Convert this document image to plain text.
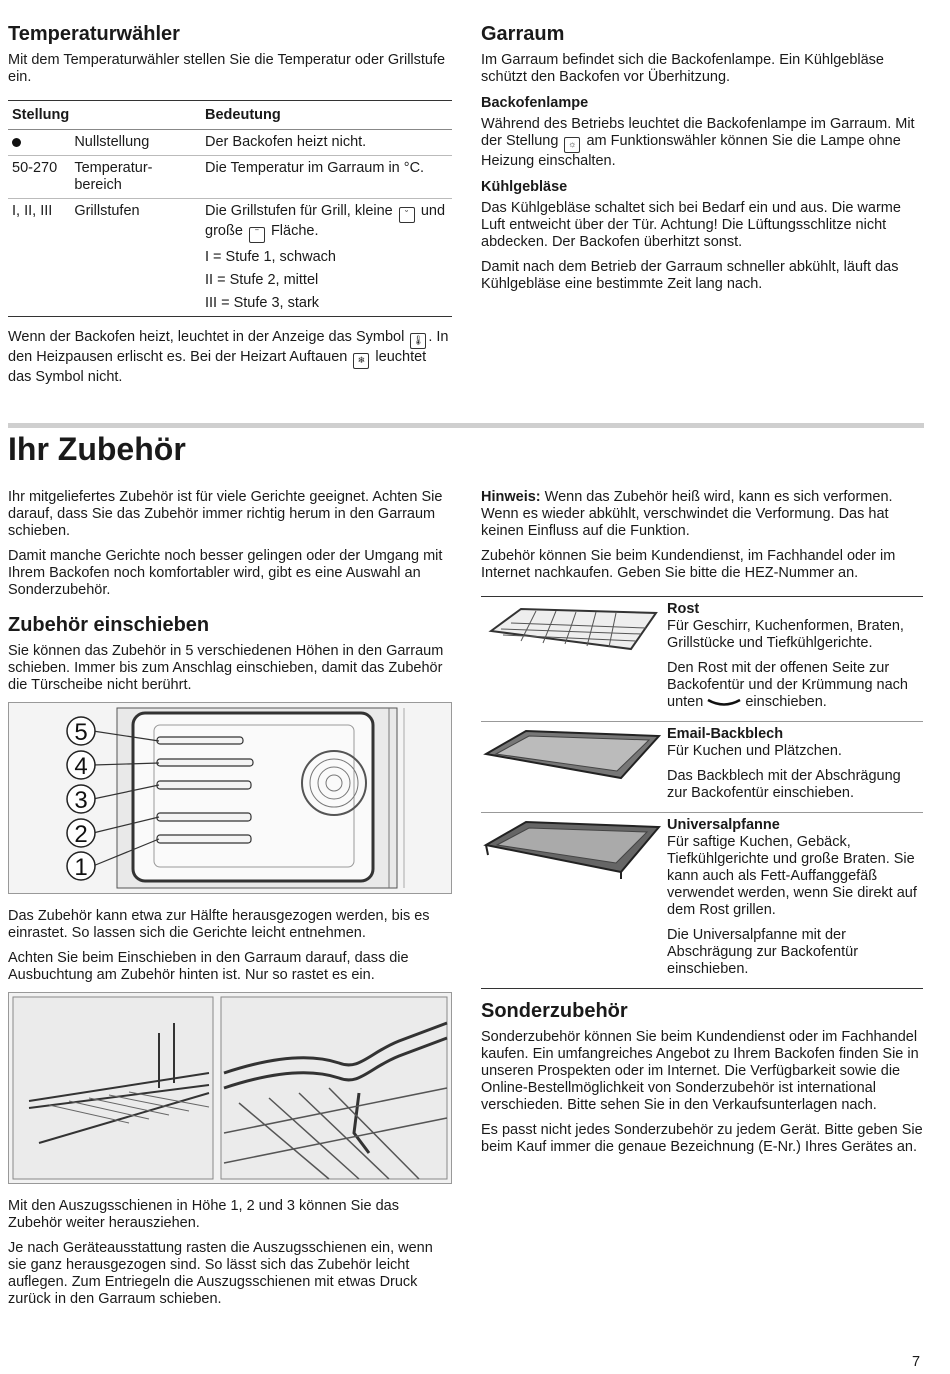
Temperaturwähler

Mit dem Temperaturwähler stellen Sie die Temperatur oder Grillstufe ein.

Stellung		Bedeutung
	Nullstellung	Der Backofen heizt nicht.
50-270	Temperatur-bereich	Die Temperatur im Garraum in °C.
I, II, III	Grillstufen	Die Grillstufen für Grill, kleine ˘ und große ‾ Fläche.
I = Stufe 1, schwach
II = Stufe 2, mittel
III = Stufe 3, stark

Wenn der Backofen heizt, leuchtet in der Anzeige das Symbol 🌡 . In den Heizpausen erlischt es. Bei der Heizart Auftauen ❄ leuchtet das Symbol nicht.

Garraum

Im Garraum befindet sich die Backofenlampe. Ein Kühlgebläse schützt den Backofen vor Überhitzung.

Backofenlampe

Während des Betriebs leuchtet die Backofenlampe im Garraum. Mit der Stellung ☼ am Funktionswähler können Sie die Lampe ohne Heizung einschalten.

Kühlgebläse

Das Kühlgebläse schaltet sich bei Bedarf ein und aus. Die warme Luft entweicht über der Tür. Achtung! Die Lüftungsschlitze nicht abdecken. Der Backofen überhitzt sonst.

Damit nach dem Betrieb der Garraum schneller abkühlt, läuft das Kühlgebläse eine bestimmte Zeit lang nach.

Ihr Zubehör

Ihr mitgeliefertes Zubehör ist für viele Gerichte geeignet. Achten Sie darauf, dass Sie das Zubehör immer richtig herum in den Garraum schieben.

Damit manche Gerichte noch besser gelingen oder der Umgang mit Ihrem Backofen noch komfortabler wird, gibt es eine Auswahl an Sonderzubehör.

Zubehör einschieben

Sie können das Zubehör in 5 verschiedenen Höhen in den Garraum schieben. Immer bis zum Anschlag einschieben, damit das Zubehör die Türscheibe nicht berührt.

5
4
3
2
1

Das Zubehör kann etwa zur Hälfte herausgezogen werden, bis es einrastet. So lassen sich die Gerichte leicht entnehmen.

Achten Sie beim Einschieben in den Garraum darauf, dass die Ausbuchtung am Zubehör hinten ist. Nur so rastet es ein.

Mit den Auszugsschienen in Höhe 1, 2 und 3 können Sie das Zubehör weiter herausziehen.

Je nach Geräteausstattung rasten die Auszugsschienen ein, wenn sie ganz herausgezogen sind. So lässt sich das Zubehör leicht auflegen. Zum Entriegeln die Auszugsschienen mit etwas Druck zurück in den Garraum schieben.

Hinweis: Wenn das Zubehör heiß wird, kann es sich verformen. Wenn es wieder abkühlt, verschwindet die Verformung. Das hat keinen Einfluss auf die Funktion.

Zubehör können Sie beim Kundendienst, im Fachhandel oder im Internet nachkaufen. Geben Sie bitte die HEZ-Nummer an.

Rost

Für Geschirr, Kuchenformen, Braten, Grillstücke und Tiefkühlgerichte.

Den Rost mit der offenen Seite zur Backofentür und der Krümmung nach unten	einschieben.

Email-Backblech

Für Kuchen und Plätzchen.

Das Backblech mit der Abschrägung zur Backofentür einschieben.

Universalpfanne

Für saftige Kuchen, Gebäck, Tiefkühlgerichte und große Braten. Sie kann auch als Fett-Auffanggefäß verwendet werden, wenn Sie direkt auf dem Rost grillen.

Die Universalpfanne mit der Abschrägung zur Backofentür einschieben.

Sonderzubehör

Sonderzubehör können Sie beim Kundendienst oder im Fachhandel kaufen. Ein umfangreiches Angebot zu Ihrem Backofen finden Sie in unseren Prospekten oder im Internet. Die Verfügbarkeit sowie die Online-Bestellmöglichkeit von Sonderzubehör ist international verschieden. Bitte sehen Sie in den Verkaufsunterlagen nach.

Es passt nicht jedes Sonderzubehör zu jedem Gerät. Bitte geben Sie beim Kauf immer die genaue Bezeichnung (E-Nr.) Ihres Gerätes an.

7
